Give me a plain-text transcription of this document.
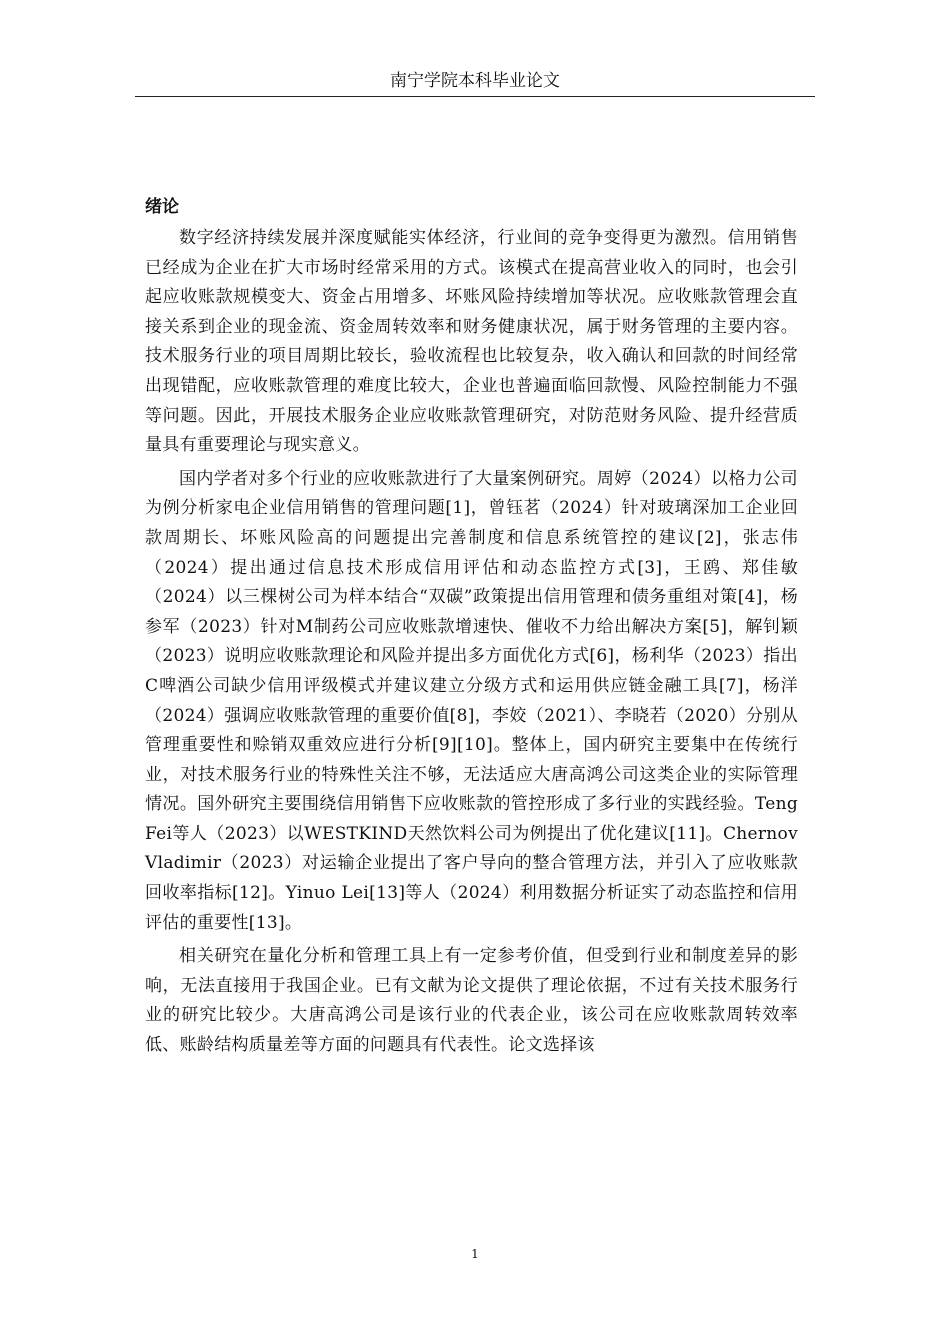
南宁学院本科毕业论文
绪论

数字经济持续发展并深度赋能实体经济，行业间的竞争变得更为激烈。信用销售已经成为企业在扩大市场时经常采用的方式。该模式在提高营业收入的同时，也会引起应收账款规模变大、资金占用增多、坏账风险持续增加等状况。应收账款管理会直接关系到企业的现金流、资金周转效率和财务健康状况，属于财务管理的主要内容。技术服务行业的项目周期比较长，验收流程也比较复杂，收入确认和回款的时间经常出现错配，应收账款管理的难度比较大，企业也普遍面临回款慢、风险控制能力不强等问题。因此，开展技术服务企业应收账款管理研究，对防范财务风险、提升经营质量具有重要理论与现实意义。

国内学者对多个行业的应收账款进行了大量案例研究。周婷（2024）以格力公司为例分析家电企业信用销售的管理问题[1]，曾钰茗（2024）针对玻璃深加工企业回款周期长、坏账风险高的问题提出完善制度和信息系统管控的建议[2]，张志伟（2024）提出通过信息技术形成信用评估和动态监控方式[3]，王鸥、郑佳敏（2024）以三棵树公司为样本结合“双碳”政策提出信用管理和债务重组对策[4]，杨参军（2023）针对M制药公司应收账款增速快、催收不力给出解决方案[5]，解钊颖（2023）说明应收账款理论和风险并提出多方面优化方式[6]，杨利华（2023）指出C啤酒公司缺少信用评级模式并建议建立分级方式和运用供应链金融工具[7]，杨洋（2024）强调应收账款管理的重要价值[8]，李姣（2021）、李晓若（2020）分别从管理重要性和赊销双重效应进行分析[9][10]。整体上，国内研究主要集中在传统行业，对技术服务行业的特殊性关注不够，无法适应大唐高鸿公司这类企业的实际管理情况。国外研究主要围绕信用销售下应收账款的管控形成了多行业的实践经验。Teng Fei等人（2023）以WESTKIND天然饮料公司为例提出了优化建议[11]。Chernov Vladimir（2023）对运输企业提出了客户导向的整合管理方法，并引入了应收账款回收率指标[12]。Yinuo Lei[13]等人（2024）利用数据分析证实了动态监控和信用评估的重要性[13]。

相关研究在量化分析和管理工具上有一定参考价值，但受到行业和制度差异的影响，无法直接用于我国企业。已有文献为论文提供了理论依据，不过有关技术服务行业的研究比较少。大唐高鸿公司是该行业的代表企业，该公司在应收账款周转效率低、账龄结构质量差等方面的问题具有代表性。论文选择该

1
